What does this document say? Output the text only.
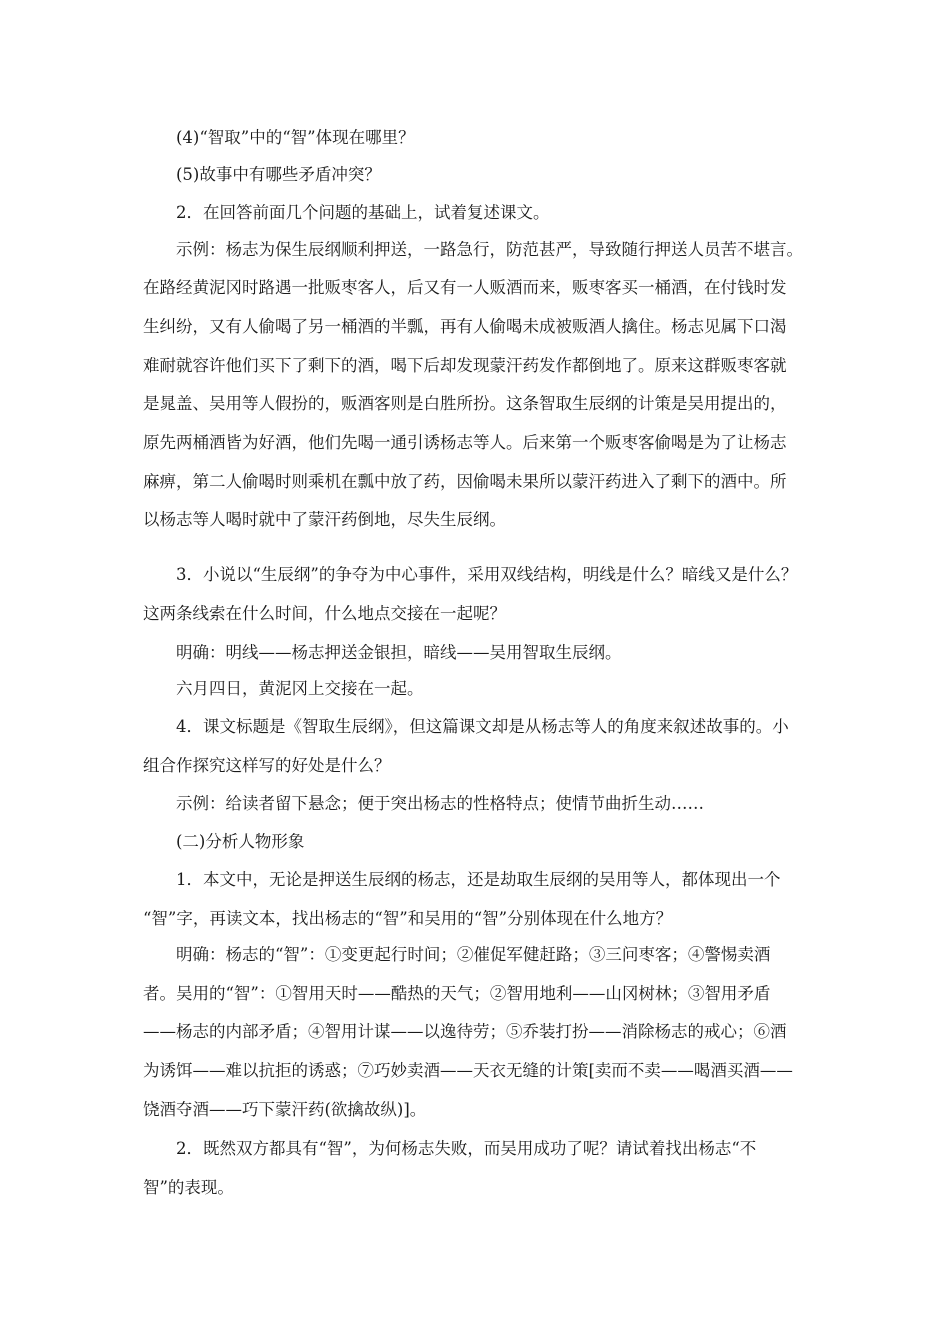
(4)“智取”中的“智”体现在哪里？
(5)故事中有哪些矛盾冲突？
2．在回答前面几个问题的基础上，试着复述课文。
示例：杨志为保生辰纲顺利押送，一路急行，防范甚严，导致随行押送人员苦不堪言。
在路经黄泥冈时路遇一批贩枣客人，后又有一人贩酒而来，贩枣客买一桶酒，在付钱时发
生纠纷，又有人偷喝了另一桶酒的半瓢，再有人偷喝未成被贩酒人擒住。杨志见属下口渴
难耐就容许他们买下了剩下的酒，喝下后却发现蒙汗药发作都倒地了。原来这群贩枣客就
是晁盖、吴用等人假扮的，贩酒客则是白胜所扮。这条智取生辰纲的计策是吴用提出的，
原先两桶酒皆为好酒，他们先喝一通引诱杨志等人。后来第一个贩枣客偷喝是为了让杨志
麻痹，第二人偷喝时则乘机在瓢中放了药，因偷喝未果所以蒙汗药进入了剩下的酒中。所
以杨志等人喝时就中了蒙汗药倒地，尽失生辰纲。
3．小说以“生辰纲”的争夺为中心事件，采用双线结构，明线是什么？暗线又是什么？
这两条线索在什么时间，什么地点交接在一起呢？
明确：明线——杨志押送金银担，暗线——吴用智取生辰纲。
六月四日，黄泥冈上交接在一起。
4．课文标题是《智取生辰纲》，但这篇课文却是从杨志等人的角度来叙述故事的。小
组合作探究这样写的好处是什么？
示例：给读者留下悬念；便于突出杨志的性格特点；使情节曲折生动……
(二)分析人物形象
1．本文中，无论是押送生辰纲的杨志，还是劫取生辰纲的吴用等人，都体现出一个
“智”字，再读文本，找出杨志的“智”和吴用的“智”分别体现在什么地方？
明确：杨志的“智”：①变更起行时间；②催促军健赶路；③三问枣客；④警惕卖酒
者。吴用的“智”：①智用天时——酷热的天气；②智用地利——山冈树林；③智用矛盾
——杨志的内部矛盾；④智用计谋——以逸待劳；⑤乔装打扮——消除杨志的戒心；⑥酒
为诱饵——难以抗拒的诱惑；⑦巧妙卖酒——天衣无缝的计策[卖而不卖——喝酒买酒——
饶酒夺酒——巧下蒙汗药(欲擒故纵)]。
2．既然双方都具有“智”，为何杨志失败，而吴用成功了呢？请试着找出杨志“不
智”的表现。
